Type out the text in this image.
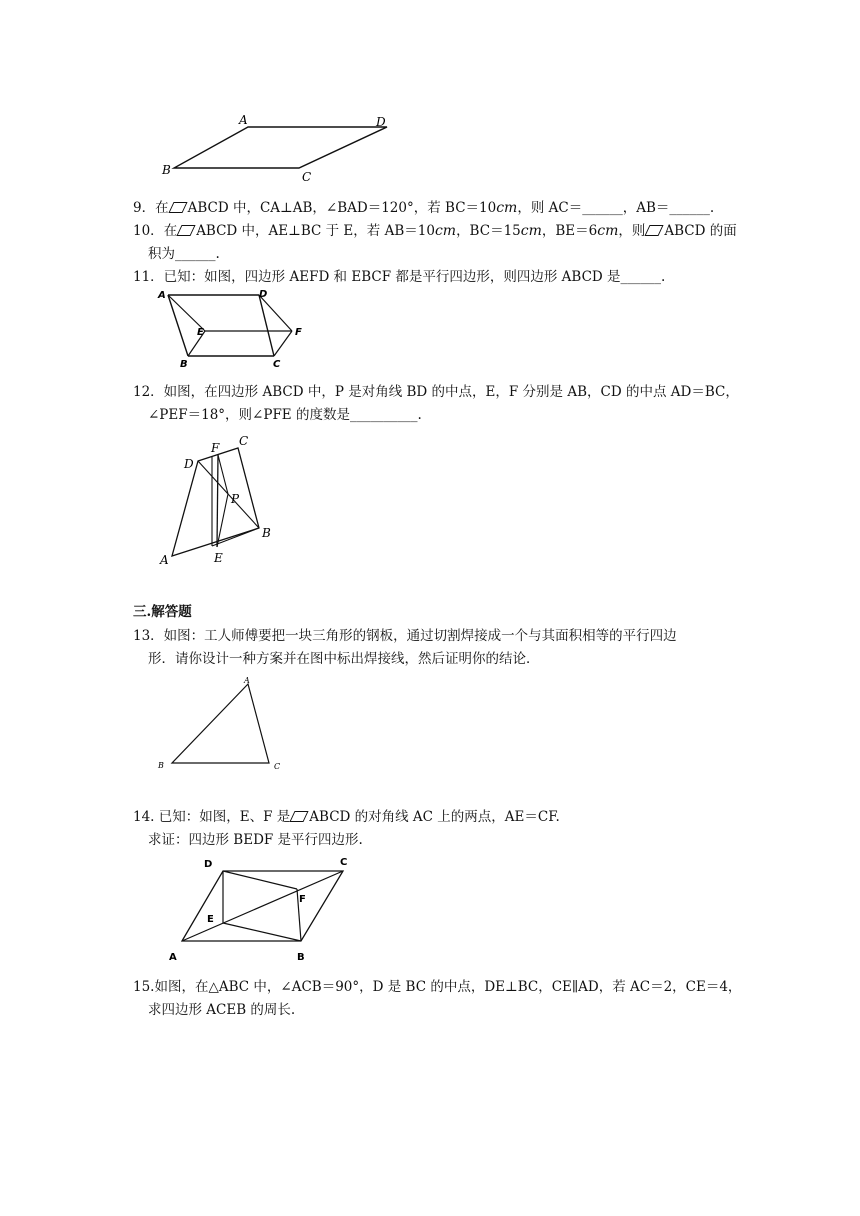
A	D
B	C
9．在 ABCD 中，CA⊥AB，∠BAD＝120°，若 BC＝10cm，则 AC＝______，AB＝______.
10．在 ABCD 中，AE⊥BC 于 E，若 AB＝10cm，BC＝15cm，BE＝6cm，则 ABCD 的面
积为______.
11．已知：如图，四边形 AEFD 和 EBCF 都是平行四边形，则四边形 ABCD 是______.
A	D
E	F
B	C
12．如图，在四边形 ABCD 中，P 是对角线 BD 的中点，E，F 分别是 AB，CD 的中点 AD＝BC，
∠PEF＝18°，则∠PFE 的度数是__________.
F C
D
P
B
E
A
三.解答题
13．如图：工人师傅要把一块三角形的钢板，通过切割焊接成一个与其面积相等的平行四边
形．请你设计一种方案并在图中标出焊接线，然后证明你的结论．
A
B	C
14. 已知：如图，E、F 是 ABCD 的对角线 AC 上的两点，AE＝CF.
求证：四边形 BEDF 是平行四边形.
D	C
F
E
A	B
15.如图，在△ABC 中，∠ACB＝90°，D 是 BC 的中点，DE⊥BC，CE∥AD，若 AC＝2，CE＝4，
求四边形 ACEB 的周长.
